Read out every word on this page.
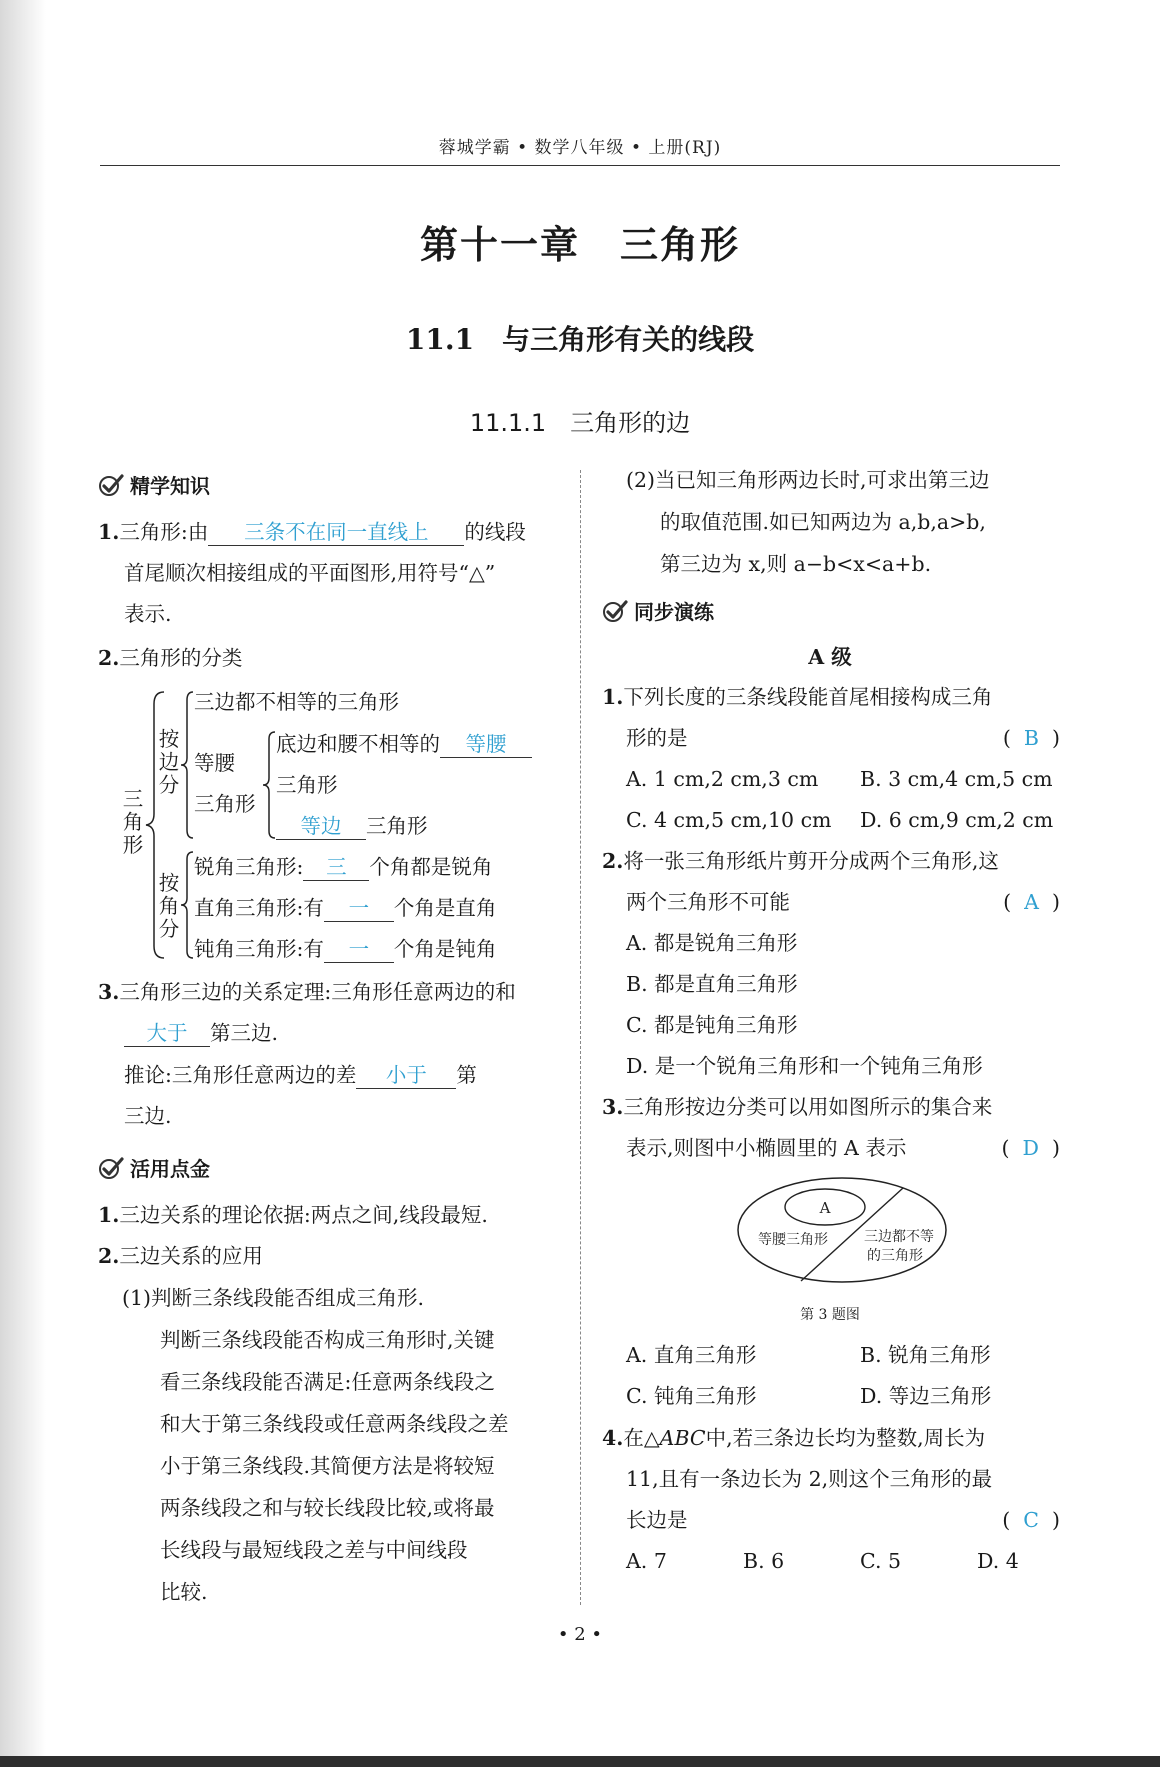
蓉城学霸 • 数学八年级 • 上册(RJ)
第十一章　三角形
11.1　与三角形有关的线段
11.1.1　三角形的边
精学知识
1.三角形:由 三条不在同一直线上 的线段
首尾顺次相接组成的平面图形,用符号“△”
表示.
2.三角形的分类
三角形
按边分
三边都不相等的三角形
等腰
三角形
底边和腰不相等的 等腰
三角形
等边 三角形
按角分
锐角三角形: 三 个角都是锐角
直角三角形:有 一 个角是直角
钝角三角形:有 一 个角是钝角
3.三角形三边的关系定理:三角形任意两边的和
大于 第三边.
推论:三角形任意两边的差 小于 第
三边.
活用点金
1.三边关系的理论依据:两点之间,线段最短.
2.三边关系的应用
(1)判断三条线段能否组成三角形.
判断三条线段能否构成三角形时,关键
看三条线段能否满足:任意两条线段之
和大于第三条线段或任意两条线段之差
小于第三条线段.其简便方法是将较短
两条线段之和与较长线段比较,或将最
长线段与最短线段之差与中间线段
比较.
(2)当已知三角形两边长时,可求出第三边
的取值范围.如已知两边为 a,b,a>b,
第三边为 x,则 a−b<x<a+b.
同步演练
A 级
1.下列长度的三条线段能首尾相接构成三角
形的是	(  B  )
A. 1 cm,2 cm,3 cm B. 3 cm,4 cm,5 cm
C. 4 cm,5 cm,10 cm D. 6 cm,9 cm,2 cm
2.将一张三角形纸片剪开分成两个三角形,这
两个三角形不可能	(  A  )
A. 都是锐角三角形
B. 都是直角三角形
C. 都是钝角三角形
D. 是一个锐角三角形和一个钝角三角形
3.三角形按边分类可以用如图所示的集合来
表示,则图中小椭圆里的 A 表示	(  D  )
A
等腰三角形	三边都不等
的三角形
第 3 题图
A. 直角三角形	B. 锐角三角形
C. 钝角三角形	D. 等边三角形
4.在△ABC中,若三条边长均为整数,周长为
11,且有一条边长为 2,则这个三角形的最
长边是	(  C  )
A. 7	B. 6	C. 5	D. 4
• 2 •
